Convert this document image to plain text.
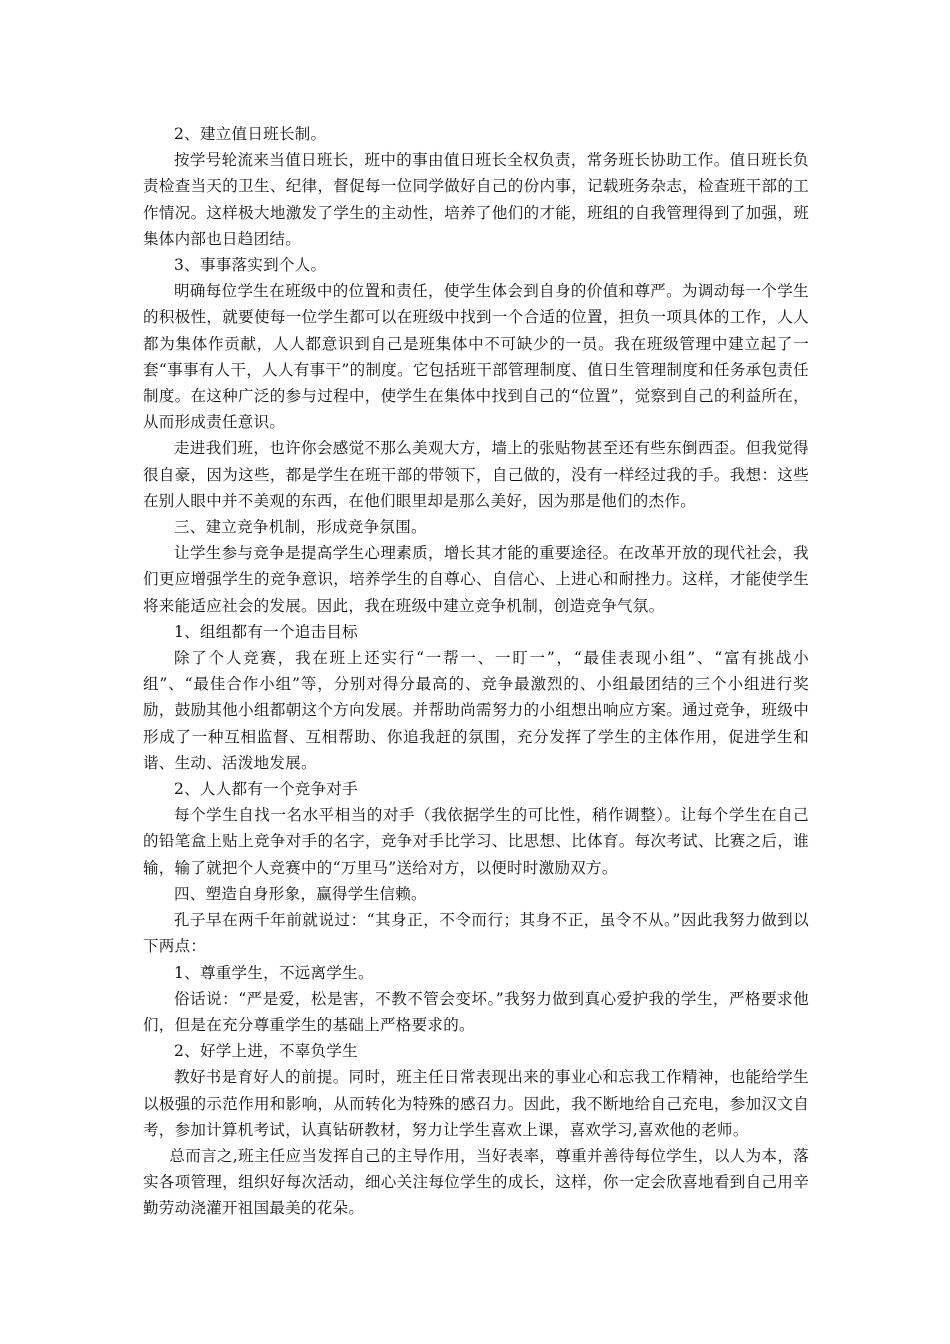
2、建立值日班长制。

按学号轮流来当值日班长，班中的事由值日班长全权负责，常务班长协助工作。值日班长负责检查当天的卫生、纪律，督促每一位同学做好自己的份内事，记载班务杂志，检查班干部的工作情况。这样极大地激发了学生的主动性，培养了他们的才能，班组的自我管理得到了加强，班集体内部也日趋团结。

3、事事落实到个人。

明确每位学生在班级中的位置和责任，使学生体会到自身的价值和尊严。为调动每一个学生的积极性，就要使每一位学生都可以在班级中找到一个合适的位置，担负一项具体的工作，人人都为集体作贡献，人人都意识到自己是班集体中不可缺少的一员。我在班级管理中建立起了一套“事事有人干，人人有事干”的制度。它包括班干部管理制度、值日生管理制度和任务承包责任制度。在这种广泛的参与过程中，使学生在集体中找到自己的“位置”，觉察到自己的利益所在，从而形成责任意识。

走进我们班，也许你会感觉不那么美观大方，墙上的张贴物甚至还有些东倒西歪。但我觉得很自豪，因为这些，都是学生在班干部的带领下，自己做的，没有一样经过我的手。我想：这些在别人眼中并不美观的东西，在他们眼里却是那么美好，因为那是他们的杰作。

三、建立竞争机制，形成竞争氛围。

让学生参与竞争是提高学生心理素质，增长其才能的重要途径。在改革开放的现代社会，我们更应增强学生的竞争意识，培养学生的自尊心、自信心、上进心和耐挫力。这样，才能使学生将来能适应社会的发展。因此，我在班级中建立竞争机制，创造竞争气氛。

1、组组都有一个追击目标

除了个人竞赛，我在班上还实行“一帮一、一盯一”，“最佳表现小组”、“富有挑战小组”、“最佳合作小组”等，分别对得分最高的、竞争最激烈的、小组最团结的三个小组进行奖励，鼓励其他小组都朝这个方向发展。并帮助尚需努力的小组想出响应方案。通过竞争，班级中形成了一种互相监督、互相帮助、你追我赶的氛围，充分发挥了学生的主体作用，促进学生和谐、生动、活泼地发展。

2、人人都有一个竞争对手

每个学生自找一名水平相当的对手（我依据学生的可比性，稍作调整）。让每个学生在自己的铅笔盒上贴上竞争对手的名字，竞争对手比学习、比思想、比体育。每次考试、比赛之后，谁输，输了就把个人竞赛中的“万里马”送给对方，以便时时激励双方。

四、塑造自身形象，赢得学生信赖。

孔子早在两千年前就说过：“其身正，不令而行；其身不正，虽令不从。”因此我努力做到以下两点：

1、尊重学生，不远离学生。

俗话说：“严是爱，松是害，不教不管会变坏。”我努力做到真心爱护我的学生，严格要求他们，但是在充分尊重学生的基础上严格要求的。

2、好学上进，不辜负学生

教好书是育好人的前提。同时，班主任日常表现出来的事业心和忘我工作精神，也能给学生以极强的示范作用和影响，从而转化为特殊的感召力。因此，我不断地给自己充电，参加汉文自考，参加计算机考试，认真钻研教材，努力让学生喜欢上课，喜欢学习,喜欢他的老师。

总而言之,班主任应当发挥自己的主导作用，当好表率，尊重并善待每位学生，以人为本，落实各项管理，组织好每次活动，细心关注每位学生的成长，这样，你一定会欣喜地看到自己用辛勤劳动浇灌开祖国最美的花朵。
